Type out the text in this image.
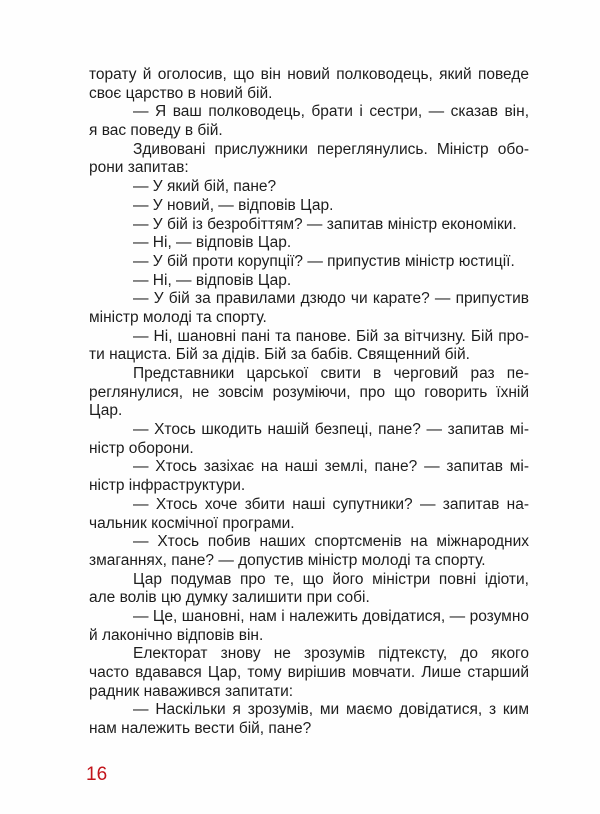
торату й оголосив, що він новий полководець, який поведе
своє царство в новий бій.
— Я ваш полководець, брати і сестри, — сказав він,
я вас поведу в бій.
Здивовані прислужники переглянулись. Міністр обо-
рони запитав:
— У який бій, пане?
— У новий, — відповів Цар.
— У бій із безробіттям? — запитав міністр економіки.
— Ні, — відповів Цар.
— У бій проти корупції? — припустив міністр юстиції.
— Ні, — відповів Цар.
— У бій за правилами дзюдо чи карате? — припустив
міністр молоді та спорту.
— Ні, шановні пані та панове. Бій за вітчизну. Бій про-
ти нациста. Бій за дідів. Бій за бабів. Священний бій.
Представники царської свити в черговий раз пе-
реглянулися, не зовсім розуміючи, про що говорить їхній
Цар.
— Хтось шкодить нашій безпеці, пане? — запитав мі-
ністр оборони.
— Хтось зазіхає на наші землі, пане? — запитав мі-
ністр інфраструктури.
— Хтось хоче збити наші супутники? — запитав на-
чальник космічної програми.
— Хтось побив наших спортсменів на міжнародних
змаганнях, пане? — допустив міністр молоді та спорту.
Цар подумав про те, що його міністри повні ідіоти,
але волів цю думку залишити при собі.
— Це, шановні, нам і належить довідатися, — розумно
й лаконічно відповів він.
Електорат знову не зрозумів підтексту, до якого
часто вдавався Цар, тому вирішив мовчати. Лише старший
радник наважився запитати:
— Наскільки я зрозумів, ми маємо довідатися, з ким
нам належить вести бій, пане?
16
